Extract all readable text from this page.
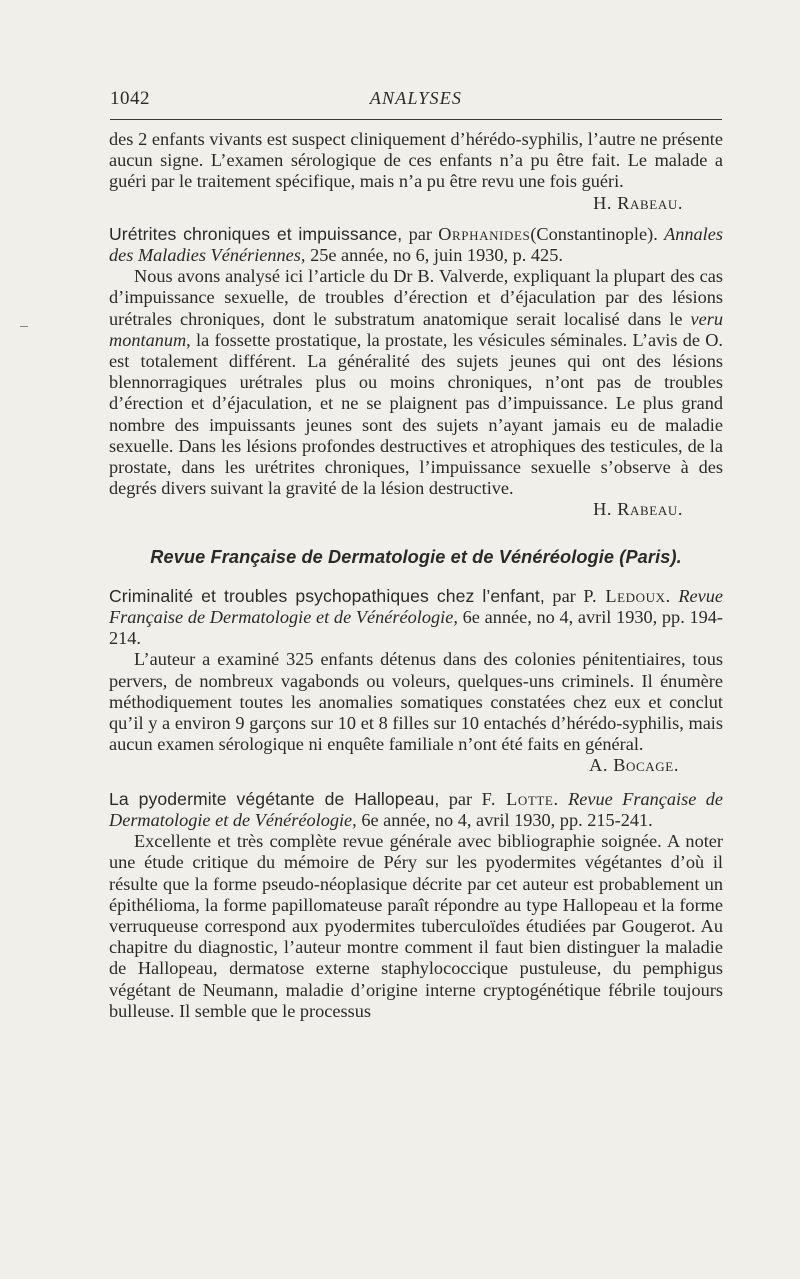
1042	ANALYSES

des 2 enfants vivants est suspect cliniquement d’hérédo-syphilis, l’autre ne présente aucun signe. L’examen sérologique de ces enfants n’a pu être fait. Le malade a guéri par le traitement spécifique, mais n’a pu être revu une fois guéri.

H. Rabeau.

Urétrites chroniques et impuissance, par Orphanides(Constantinople). Annales des Maladies Vénériennes, 25e année, no 6, juin 1930, p. 425.

Nous avons analysé ici l’article du Dr B. Valverde, expliquant la plupart des cas d’impuissance sexuelle, de troubles d’érection et d’éjaculation par des lésions urétrales chroniques, dont le substratum anatomique serait localisé dans le veru montanum, la fossette prostatique, la prostate, les vésicules séminales. L’avis de O. est totalement différent. La généralité des sujets jeunes qui ont des lésions blennorragiques urétrales plus ou moins chroniques, n’ont pas de troubles d’érection et d’éjaculation, et ne se plaignent pas d’impuissance. Le plus grand nombre des impuissants jeunes sont des sujets n’ayant jamais eu de maladie sexuelle. Dans les lésions profondes destructives et atrophiques des testicules, de la prostate, dans les urétrites chroniques, l’impuissance sexuelle s’observe à des degrés divers suivant la gravité de la lésion destructive.

H. Rabeau.

Revue Française de Dermatologie et de Vénéréologie (Paris).

Criminalité et troubles psychopathiques chez l’enfant, par P. Ledoux. Revue Française de Dermatologie et de Vénéréologie, 6e année, no 4, avril 1930, pp. 194-214.

L’auteur a examiné 325 enfants détenus dans des colonies pénitentiaires, tous pervers, de nombreux vagabonds ou voleurs, quelques-uns criminels. Il énumère méthodiquement toutes les anomalies somatiques constatées chez eux et conclut qu’il y a environ 9 garçons sur 10 et 8 filles sur 10 entachés d’hérédo-syphilis, mais aucun examen sérologique ni enquête familiale n’ont été faits en général.

A. Bocage.

La pyodermite végétante de Hallopeau, par F. Lotte. Revue Française de Dermatologie et de Vénéréologie, 6e année, no 4, avril 1930, pp. 215-241.

Excellente et très complète revue générale avec bibliographie soignée. A noter une étude critique du mémoire de Péry sur les pyodermites végétantes d’où il résulte que la forme pseudo-néoplasique décrite par cet auteur est probablement un épithélioma, la forme papillomateuse paraît répondre au type Hallopeau et la forme verruqueuse correspond aux pyodermites tuberculoïdes étudiées par Gougerot. Au chapitre du diagnostic, l’auteur montre comment il faut bien distinguer la maladie de Hallopeau, dermatose externe staphylococcique pustuleuse, du pemphigus végétant de Neumann, maladie d’origine interne cryptogénétique fébrile toujours bulleuse. Il semble que le processus
